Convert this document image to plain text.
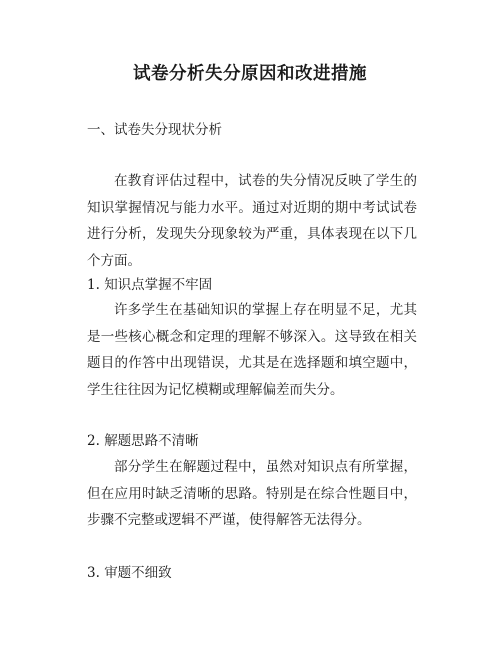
试卷分析失分原因和改进措施
一、试卷失分现状分析

在教育评估过程中，试卷的失分情况反映了学生的知识掌握情况与能力水平。通过对近期的期中考试试卷进行分析，发现失分现象较为严重，具体表现在以下几个方面。

1. 知识点掌握不牢固

许多学生在基础知识的掌握上存在明显不足，尤其是一些核心概念和定理的理解不够深入。这导致在相关题目的作答中出现错误，尤其是在选择题和填空题中，学生往往因为记忆模糊或理解偏差而失分。

2. 解题思路不清晰

部分学生在解题过程中，虽然对知识点有所掌握，但在应用时缺乏清晰的思路。特别是在综合性题目中，步骤不完整或逻辑不严谨，使得解答无法得分。

3. 审题不细致
